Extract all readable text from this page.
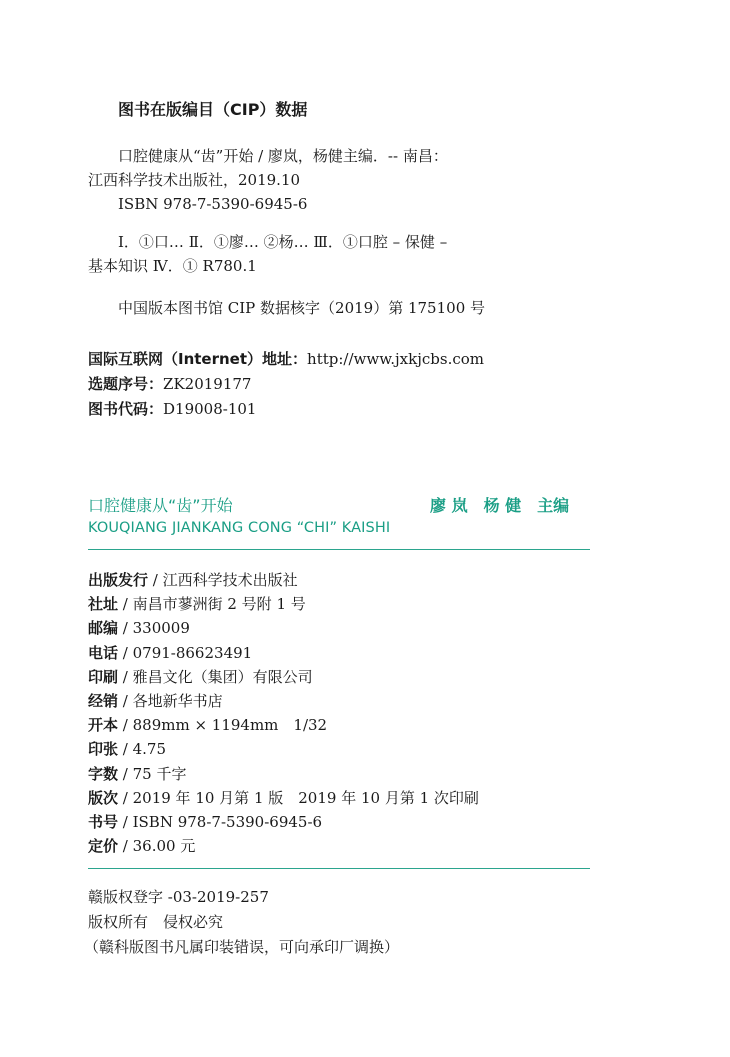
图书在版编目（CIP）数据
口腔健康从“齿”开始 / 廖岚，杨健主编．-- 南昌：
江西科学技术出版社，2019.10
ISBN 978-7-5390-6945-6
Ⅰ．①口… Ⅱ．①廖… ②杨… Ⅲ．①口腔 – 保健 –
基本知识 Ⅳ．① R780.1
中国版本图书馆 CIP 数据核字（2019）第 175100 号
国际互联网（Internet）地址：http://www.jxkjcbs.com
选题序号：ZK2019177
图书代码：D19008-101
口腔健康从“齿”开始	廖 岚　杨 健　主编
KOUQIANG JIANKANG CONG “CHI” KAISHI
出版发行 / 江西科学技术出版社
社址 / 南昌市蓼洲街 2 号附 1 号
邮编 / 330009
电话 / 0791-86623491
印刷 / 雅昌文化（集团）有限公司
经销 / 各地新华书店
开本 / 889mm × 1194mm　1/32
印张 / 4.75
字数 / 75 千字
版次 / 2019 年 10 月第 1 版　2019 年 10 月第 1 次印刷
书号 / ISBN 978-7-5390-6945-6
定价 / 36.00 元
赣版权登字 -03-2019-257
版权所有　侵权必究
（赣科版图书凡属印装错误，可向承印厂调换）
